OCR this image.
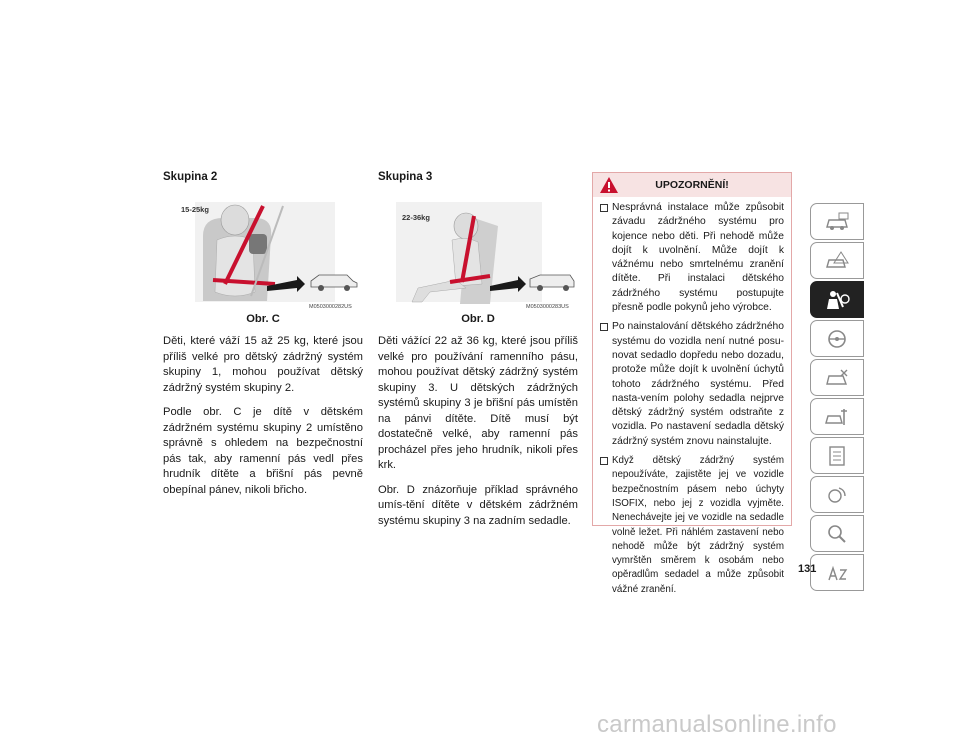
Skupina 2
15-25kg
M0503000282US
Obr. C

Děti, které váží 15 až 25 kg, které jsou příliš velké pro dětský zádržný systém skupiny 1, mohou používat dětský zádržný systém skupiny 2.

Podle obr. C je dítě v dětském zádržném systému skupiny 2 umístěno správně s ohledem na bezpečnostní pás tak, aby ramenní pás vedl přes hrudník dítěte a břišní pás pevně obepínal pánev, nikoli břicho.

Skupina 3
22-36kg
M0503000283US
Obr. D

Děti vážící 22 až 36 kg, které jsou příliš velké pro používání ramenního pásu, mohou používat dětský zádržný systém skupiny 3. U dětských zádržných systémů skupiny 3 je břišní pás umístěn na pánvi dítěte. Dítě musí být dostatečně velké, aby ramenní pás procházel přes jeho hrudník, nikoli přes krk.

Obr. D znázorňuje příklad správného umís-tění dítěte v dětském zádržném systému skupiny 3 na zadním sedadle.

UPOZORNĚNÍ!
Nesprávná instalace může způsobit závadu zádržného systému pro kojence nebo děti. Při nehodě může dojít k uvolnění. Může dojít k vážnému nebo smrtelnému zranění dítěte. Při instalaci dětského zádržného systému postupujte přesně podle pokynů jeho výrobce.
Po nainstalování dětského zádržného systému do vozidla není nutné posu-novat sedadlo dopředu nebo dozadu, protože může dojít k uvolnění úchytů tohoto zádržného systému. Před nasta-vením polohy sedadla nejprve dětský zádržný systém odstraňte z vozidla. Po nastavení sedadla dětský zádržný systém znovu nainstalujte.
Když dětský zádržný systém nepoužíváte, zajistěte jej ve vozidle bezpečnostním pásem nebo úchyty ISOFIX, nebo jej z vozidla vyjměte. Nenechávejte jej ve vozidle na sedadle volně ležet. Při náhlém zastavení nebo nehodě může být zádržný systém vymrštěn směrem k osobám nebo opěradlům sedadel a může způsobit vážné zranění.
131
carmanualsonline.info
